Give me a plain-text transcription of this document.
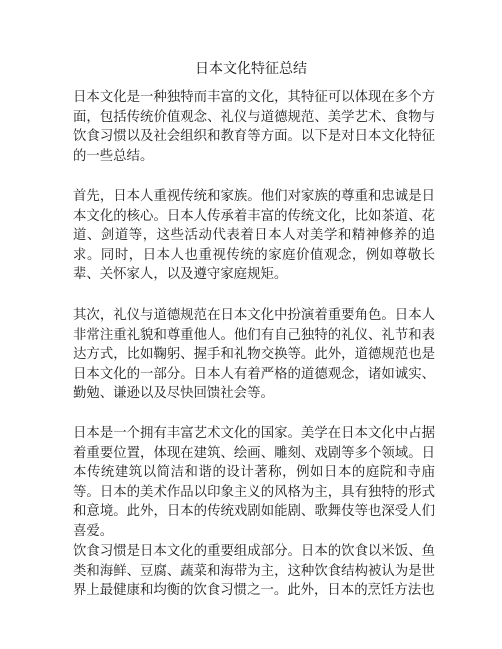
日本文化特征总结

日本文化是一种独特而丰富的文化，其特征可以体现在多个方面，包括传统价值观念、礼仪与道德规范、美学艺术、食物与饮食习惯以及社会组织和教育等方面。以下是对日本文化特征的一些总结。

首先，日本人重视传统和家族。他们对家族的尊重和忠诚是日本文化的核心。日本人传承着丰富的传统文化，比如茶道、花道、剑道等，这些活动代表着日本人对美学和精神修养的追求。同时，日本人也重视传统的家庭价值观念，例如尊敬长辈、关怀家人，以及遵守家庭规矩。

其次，礼仪与道德规范在日本文化中扮演着重要角色。日本人非常注重礼貌和尊重他人。他们有自己独特的礼仪、礼节和表达方式，比如鞠躬、握手和礼物交换等。此外，道德规范也是日本文化的一部分。日本人有着严格的道德观念，诸如诚实、勤勉、谦逊以及尽快回馈社会等。

日本是一个拥有丰富艺术文化的国家。美学在日本文化中占据着重要位置，体现在建筑、绘画、雕刻、戏剧等多个领域。日本传统建筑以简洁和谐的设计著称，例如日本的庭院和寺庙等。日本的美术作品以印象主义的风格为主，具有独特的形式和意境。此外，日本的传统戏剧如能剧、歌舞伎等也深受人们喜爱。

饮食习惯是日本文化的重要组成部分。日本的饮食以米饭、鱼类和海鲜、豆腐、蔬菜和海带为主，这种饮食结构被认为是世界上最健康和均衡的饮食习惯之一。此外，日本的烹饪方法也
